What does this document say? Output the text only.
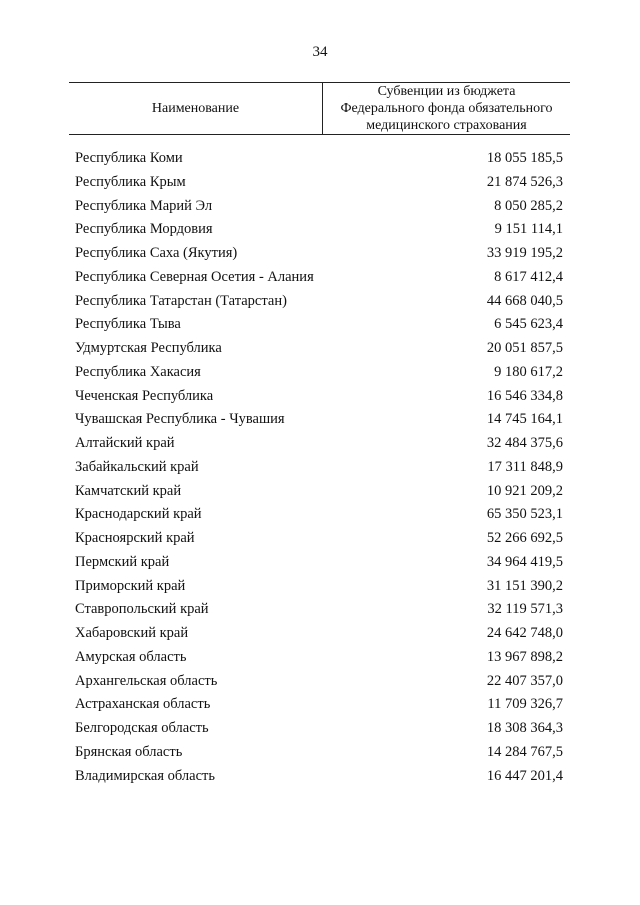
34
Наименование
Субвенции из бюджета
Федерального фонда обязательного
медицинского страхования
Республика Коми	18 055 185,5
Республика Крым	21 874 526,3
Республика Марий Эл	8 050 285,2
Республика Мордовия	9 151 114,1
Республика Саха (Якутия)	33 919 195,2
Республика Северная Осетия - Алания	8 617 412,4
Республика Татарстан (Татарстан)	44 668 040,5
Республика Тыва	6 545 623,4
Удмуртская Республика	20 051 857,5
Республика Хакасия	9 180 617,2
Чеченская Республика	16 546 334,8
Чувашская Республика - Чувашия	14 745 164,1
Алтайский край	32 484 375,6
Забайкальский край	17 311 848,9
Камчатский край	10 921 209,2
Краснодарский край	65 350 523,1
Красноярский край	52 266 692,5
Пермский край	34 964 419,5
Приморский край	31 151 390,2
Ставропольский край	32 119 571,3
Хабаровский край	24 642 748,0
Амурская область	13 967 898,2
Архангельская область	22 407 357,0
Астраханская область	11 709 326,7
Белгородская область	18 308 364,3
Брянская область	14 284 767,5
Владимирская область	16 447 201,4
